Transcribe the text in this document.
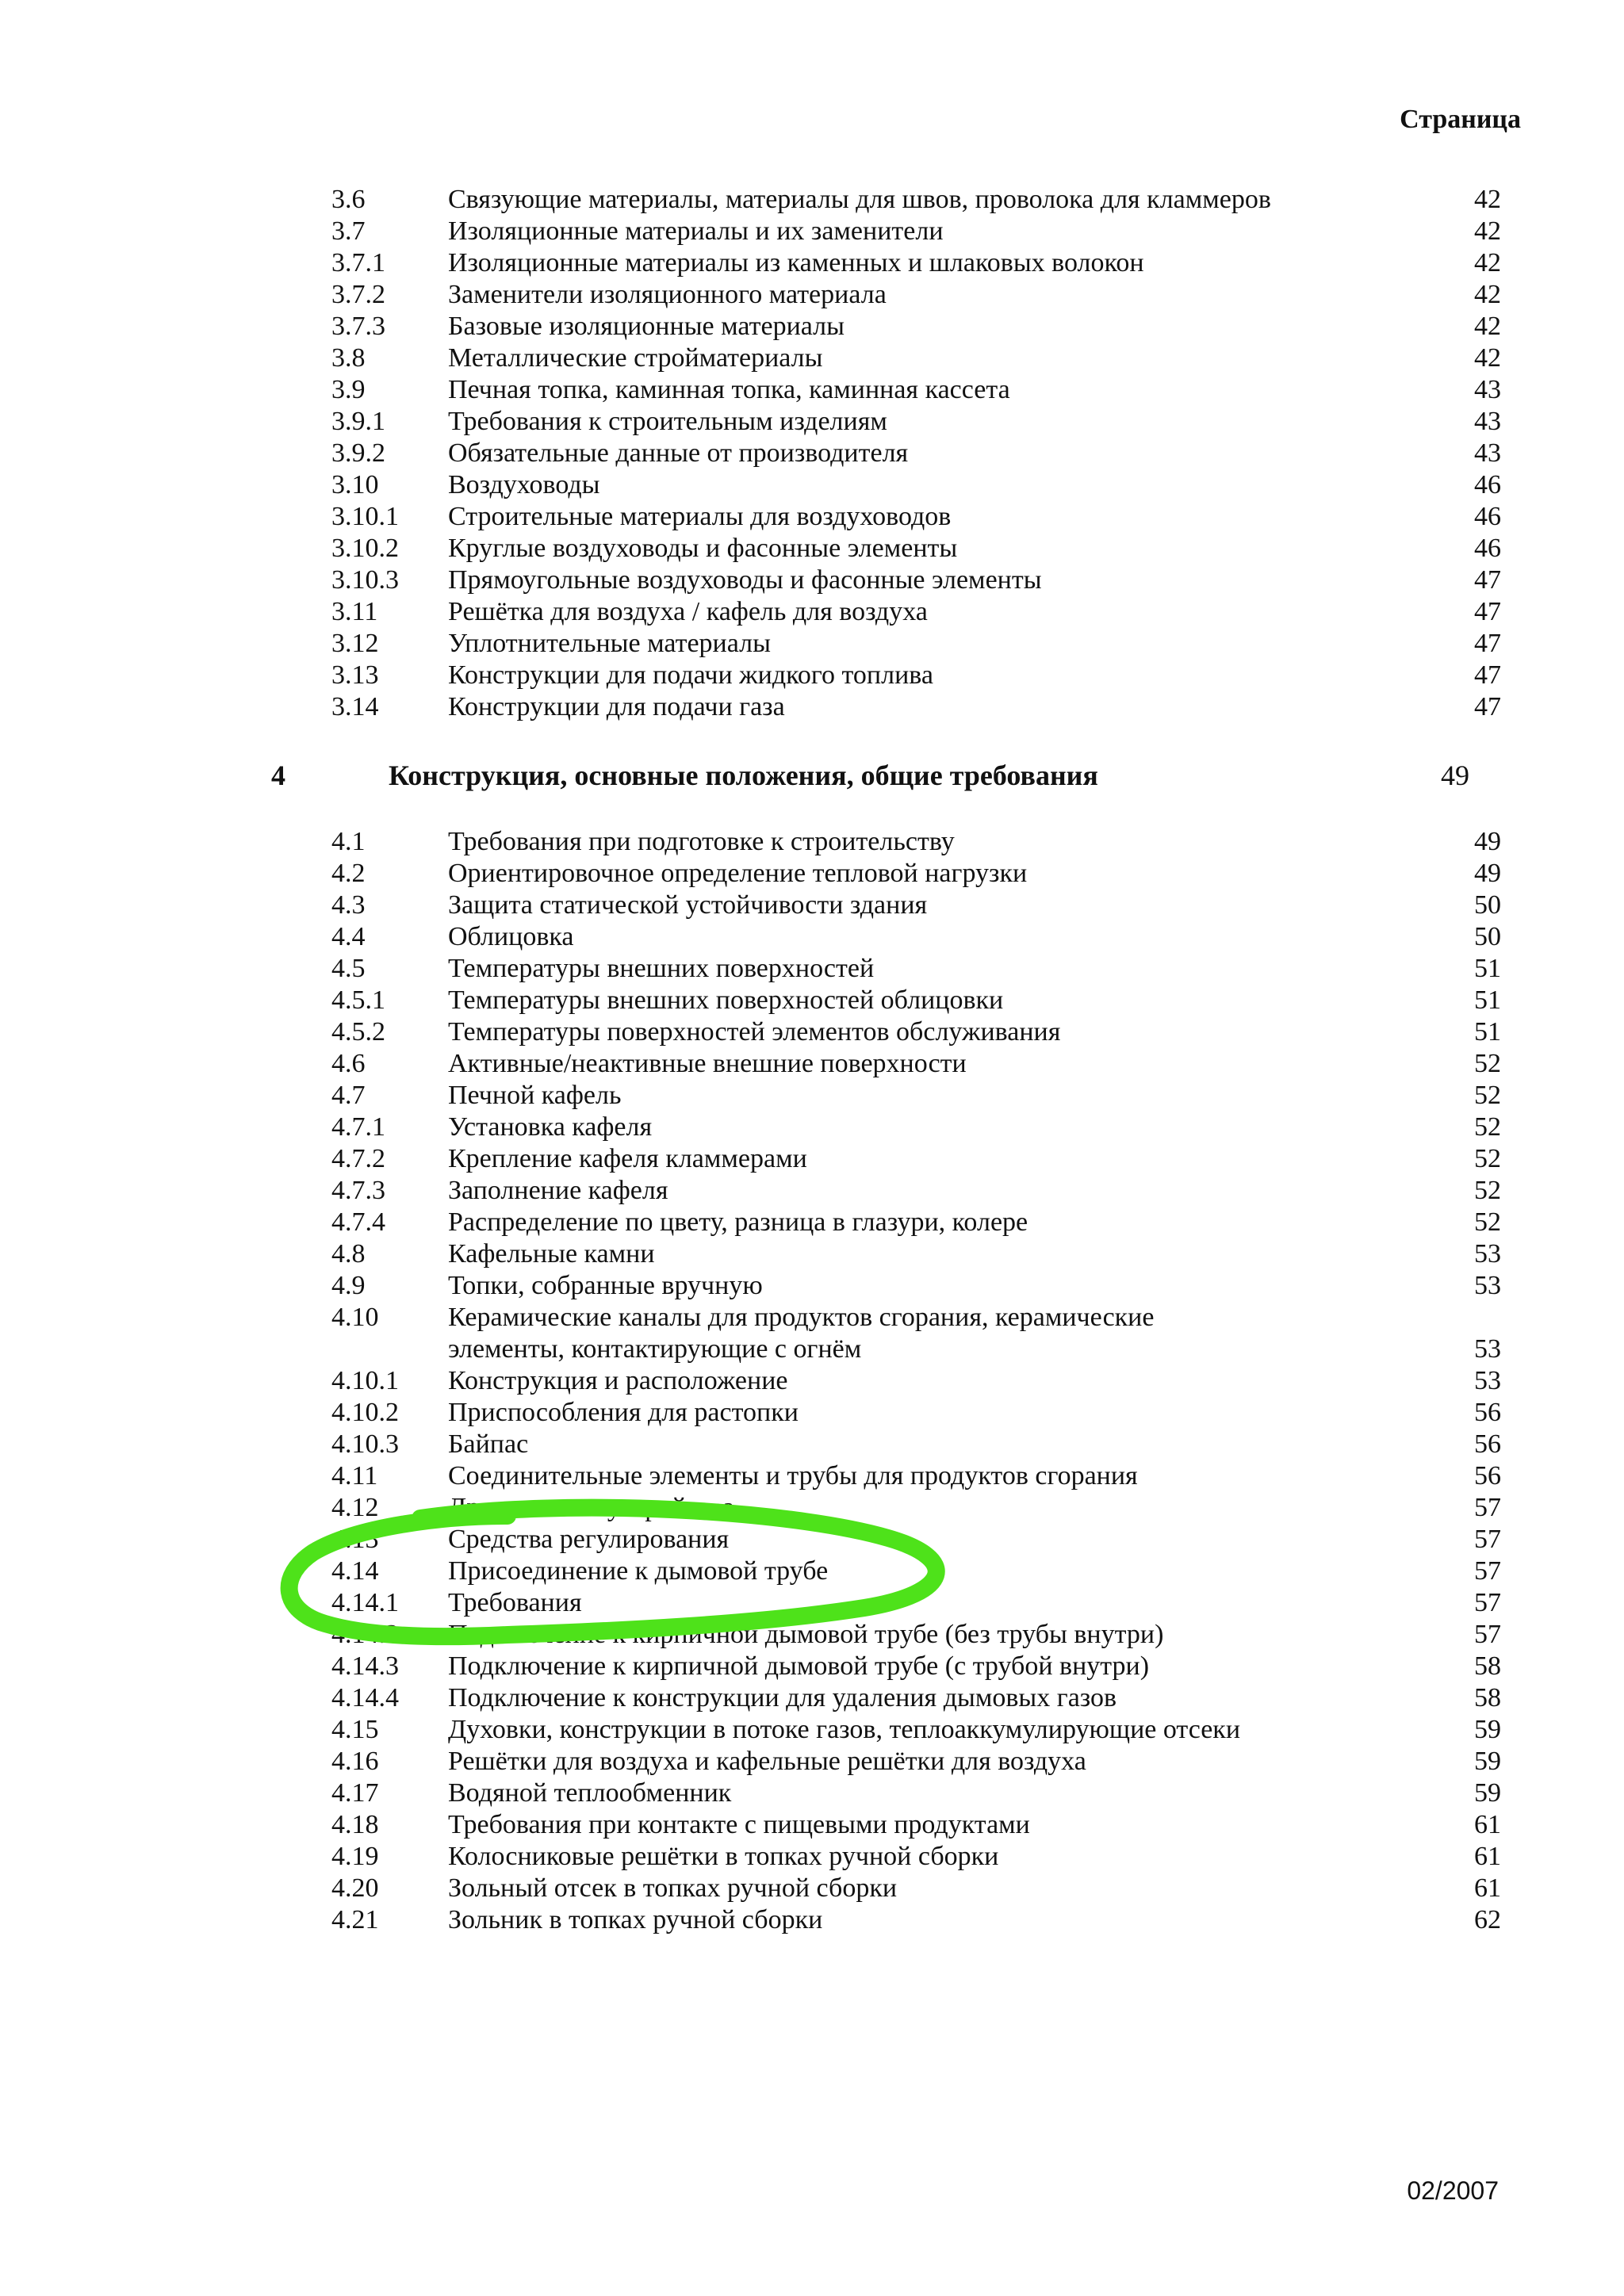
Страница
3.6	Связующие материалы, материалы для швов, проволока для кламмеров	42
3.7	Изоляционные материалы и их заменители	42
3.7.1 Изоляционные материалы из каменных и шлаковых волокон	42
3.7.2 Заменители изоляционного материала	42
3.7.3 Базовые изоляционные материалы	42
3.8	Металлические стройматериалы	42
3.9	Печная топка, каминная топка, каминная кассета	43
3.9.1 Требования к строительным изделиям	43
3.9.2 Обязательные данные от производителя	43
3.10	Воздуховоды	46
3.10.1 Строительные материалы для воздуховодов	46
3.10.2 Круглые воздуховоды и фасонные элементы	46
3.10.3 Прямоугольные воздуховоды и фасонные элементы	47
3.11	Решётка для воздуха / кафель для воздуха	47
3.12	Уплотнительные материалы	47
3.13	Конструкции для подачи жидкого топлива	47
3.14	Конструкции для подачи газа	47
4	Конструкция, основные положения, общие требования	49
4.1	Требования при подготовке к строительству	49
4.2	Ориентировочное определение тепловой нагрузки	49
4.3	Защита статической устойчивости здания	50
4.4	Облицовка	50
4.5	Температуры внешних поверхностей	51
4.5.1 Температуры внешних поверхностей облицовки	51
4.5.2 Температуры поверхностей элементов обслуживания	51
4.6	Активные/неактивные внешние поверхности	52
4.7	Печной кафель	52
4.7.1 Установка кафеля	52
4.7.2 Крепление кафеля кламмерами	52
4.7.3 Заполнение кафеля	52
4.7.4 Распределение по цвету, разница в глазури, колере	52
4.8	Кафельные камни	53
4.9	Топки, собранные вручную	53
4.10	Керамические каналы для продуктов сгорания, керамические
элементы, контактирующие с огнём	53
4.10.1 Конструкция и расположение	53
4.10.2 Приспособления для растопки	56
4.10.3 Байпас	56
4.11	Соединительные элементы и трубы для продуктов сгорания	56
4.12	Дроссельные устройства	57
4.13	Средства регулирования	57
4.14	Присоединение к дымовой трубе	57
4.14.1 Требования	57
4.14.2 Подключение к кирпичной дымовой трубе (без трубы внутри)	57
4.14.3 Подключение к кирпичной дымовой трубе (с трубой внутри)	58
4.14.4 Подключение к конструкции для удаления дымовых газов	58
4.15	Духовки, конструкции в потоке газов, теплоаккумулирующие отсеки	59
4.16	Решётки для воздуха и кафельные решётки для воздуха	59
4.17	Водяной теплообменник	59
4.18	Требования при контакте с пищевыми продуктами	61
4.19	Колосниковые решётки в топках ручной сборки	61
4.20	Зольный отсек в топках ручной сборки	61
4.21	Зольник в топках ручной сборки	62
02/2007
